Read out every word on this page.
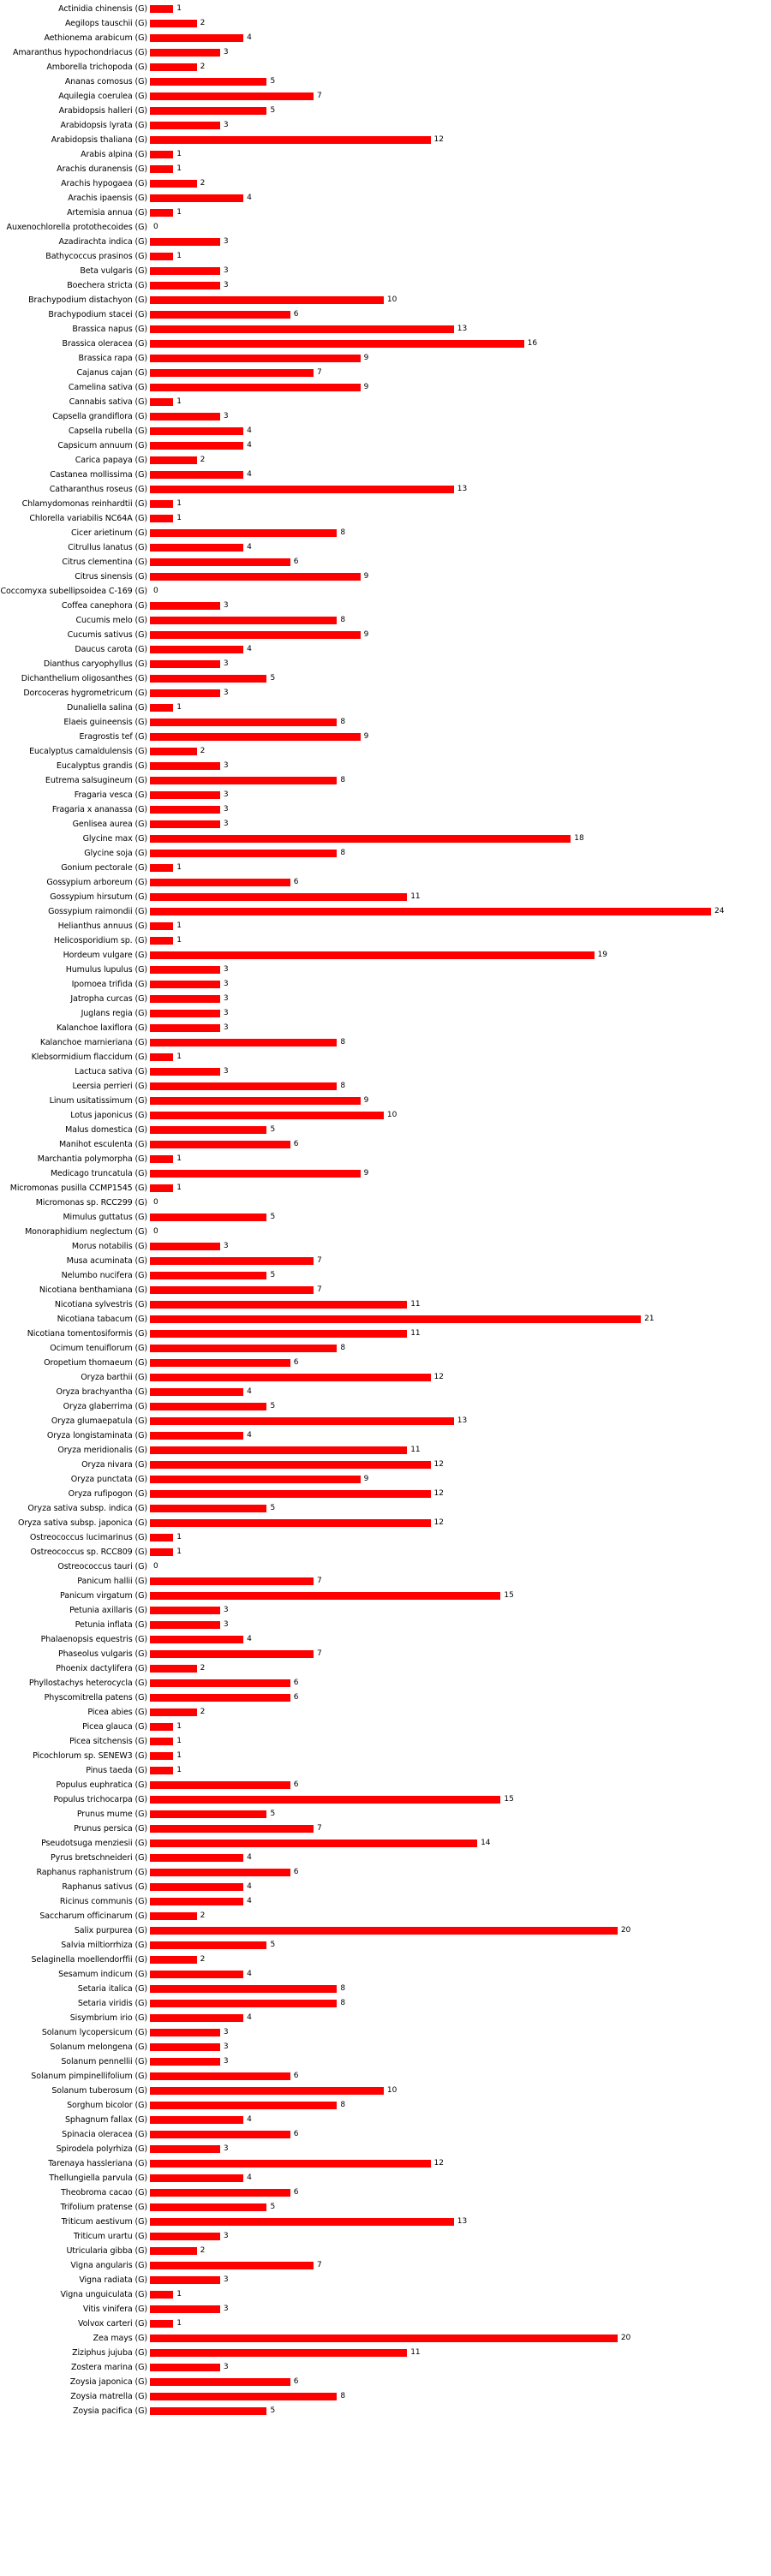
Actinidia chinensis (G)	1
Aegilops tauschii (G)	2
Aethionema arabicum (G)	4
Amaranthus hypochondriacus (G)	3
Amborella trichopoda (G)	2
Ananas comosus (G)	5
Aquilegia coerulea (G)	7
Arabidopsis halleri (G)	5
Arabidopsis lyrata (G)	3
Arabidopsis thaliana (G)	12
Arabis alpina (G)	1
Arachis duranensis (G)	1
Arachis hypogaea (G)	2
Arachis ipaensis (G)	4
Artemisia annua (G)	1
Auxenochlorella protothecoides (G) 0
Azadirachta indica (G)	3
Bathycoccus prasinos (G)	1
Beta vulgaris (G)	3
Boechera stricta (G)	3
Brachypodium distachyon (G)	10
Brachypodium stacei (G)	6
Brassica napus (G)	13
Brassica oleracea (G)	16
Brassica rapa (G)	9
Cajanus cajan (G)	7
Camelina sativa (G)	9
Cannabis sativa (G)	1
Capsella grandiflora (G)	3
Capsella rubella (G)	4
Capsicum annuum (G)	4
Carica papaya (G)	2
Castanea mollissima (G)	4
Catharanthus roseus (G)	13
Chlamydomonas reinhardtii (G)	1
Chlorella variabilis NC64A (G)	1
Cicer arietinum (G)	8
Citrullus lanatus (G)	4
Citrus clementina (G)	6
Citrus sinensis (G)	9
Coccomyxa subellipsoidea C-169 (G) 0
Coffea canephora (G)	3
Cucumis melo (G)	8
Cucumis sativus (G)	9
Daucus carota (G)	4
Dianthus caryophyllus (G)	3
Dichanthelium oligosanthes (G)	5
Dorcoceras hygrometricum (G)	3
Dunaliella salina (G)	1
Elaeis guineensis (G)	8
Eragrostis tef (G)	9
Eucalyptus camaldulensis (G)	2
Eucalyptus grandis (G)	3
Eutrema salsugineum (G)	8
Fragaria vesca (G)	3
Fragaria x ananassa (G)	3
Genlisea aurea (G)	3
Glycine max (G)	18
Glycine soja (G)	8
Gonium pectorale (G)	1
Gossypium arboreum (G)	6
Gossypium hirsutum (G)	11
Gossypium raimondii (G)	24
Helianthus annuus (G)	1
Helicosporidium sp. (G)	1
Hordeum vulgare (G)	19
Humulus lupulus (G)	3
Ipomoea trifida (G)	3
Jatropha curcas (G)	3
Juglans regia (G)	3
Kalanchoe laxiflora (G)	3
Kalanchoe marnieriana (G)	8
Klebsormidium flaccidum (G)	1
Lactuca sativa (G)	3
Leersia perrieri (G)	8
Linum usitatissimum (G)	9
Lotus japonicus (G)	10
Malus domestica (G)	5
Manihot esculenta (G)	6
Marchantia polymorpha (G)	1
Medicago truncatula (G)	9
Micromonas pusilla CCMP1545 (G)	1
Micromonas sp. RCC299 (G) 0
Mimulus guttatus (G)	5
Monoraphidium neglectum (G) 0
Morus notabilis (G)	3
Musa acuminata (G)	7
Nelumbo nucifera (G)	5
Nicotiana benthamiana (G)	7
Nicotiana sylvestris (G)	11
Nicotiana tabacum (G)	21
Nicotiana tomentosiformis (G)	11
Ocimum tenuiflorum (G)	8
Oropetium thomaeum (G)	6
Oryza barthii (G)	12
Oryza brachyantha (G)	4
Oryza glaberrima (G)	5
Oryza glumaepatula (G)	13
Oryza longistaminata (G)	4
Oryza meridionalis (G)	11
Oryza nivara (G)	12
Oryza punctata (G)	9
Oryza rufipogon (G)	12
Oryza sativa subsp. indica (G)	5
Oryza sativa subsp. japonica (G)	12
Ostreococcus lucimarinus (G)	1
Ostreococcus sp. RCC809 (G)	1
Ostreococcus tauri (G) 0
Panicum hallii (G)	7
Panicum virgatum (G)	15
Petunia axillaris (G)	3
Petunia inflata (G)	3
Phalaenopsis equestris (G)	4
Phaseolus vulgaris (G)	7
Phoenix dactylifera (G)	2
Phyllostachys heterocycla (G)	6
Physcomitrella patens (G)	6
Picea abies (G)	2
Picea glauca (G)	1
Picea sitchensis (G)	1
Picochlorum sp. SENEW3 (G)	1
Pinus taeda (G)	1
Populus euphratica (G)	6
Populus trichocarpa (G)	15
Prunus mume (G)	5
Prunus persica (G)	7
Pseudotsuga menziesii (G)	14
Pyrus bretschneideri (G)	4
Raphanus raphanistrum (G)	6
Raphanus sativus (G)	4
Ricinus communis (G)	4
Saccharum officinarum (G)	2
Salix purpurea (G)	20
Salvia miltiorrhiza (G)	5
Selaginella moellendorffii (G)	2
Sesamum indicum (G)	4
Setaria italica (G)	8
Setaria viridis (G)	8
Sisymbrium irio (G)	4
Solanum lycopersicum (G)	3
Solanum melongena (G)	3
Solanum pennellii (G)	3
Solanum pimpinellifolium (G)	6
Solanum tuberosum (G)	10
Sorghum bicolor (G)	8
Sphagnum fallax (G)	4
Spinacia oleracea (G)	6
Spirodela polyrhiza (G)	3
Tarenaya hassleriana (G)	12
Thellungiella parvula (G)	4
Theobroma cacao (G)	6
Trifolium pratense (G)	5
Triticum aestivum (G)	13
Triticum urartu (G)	3
Utricularia gibba (G)	2
Vigna angularis (G)	7
Vigna radiata (G)	3
Vigna unguiculata (G)	1
Vitis vinifera (G)	3
Volvox carteri (G)	1
Zea mays (G)	20
Ziziphus jujuba (G)	11
Zostera marina (G)	3
Zoysia japonica (G)	6
Zoysia matrella (G)	8
Zoysia pacifica (G)	5
